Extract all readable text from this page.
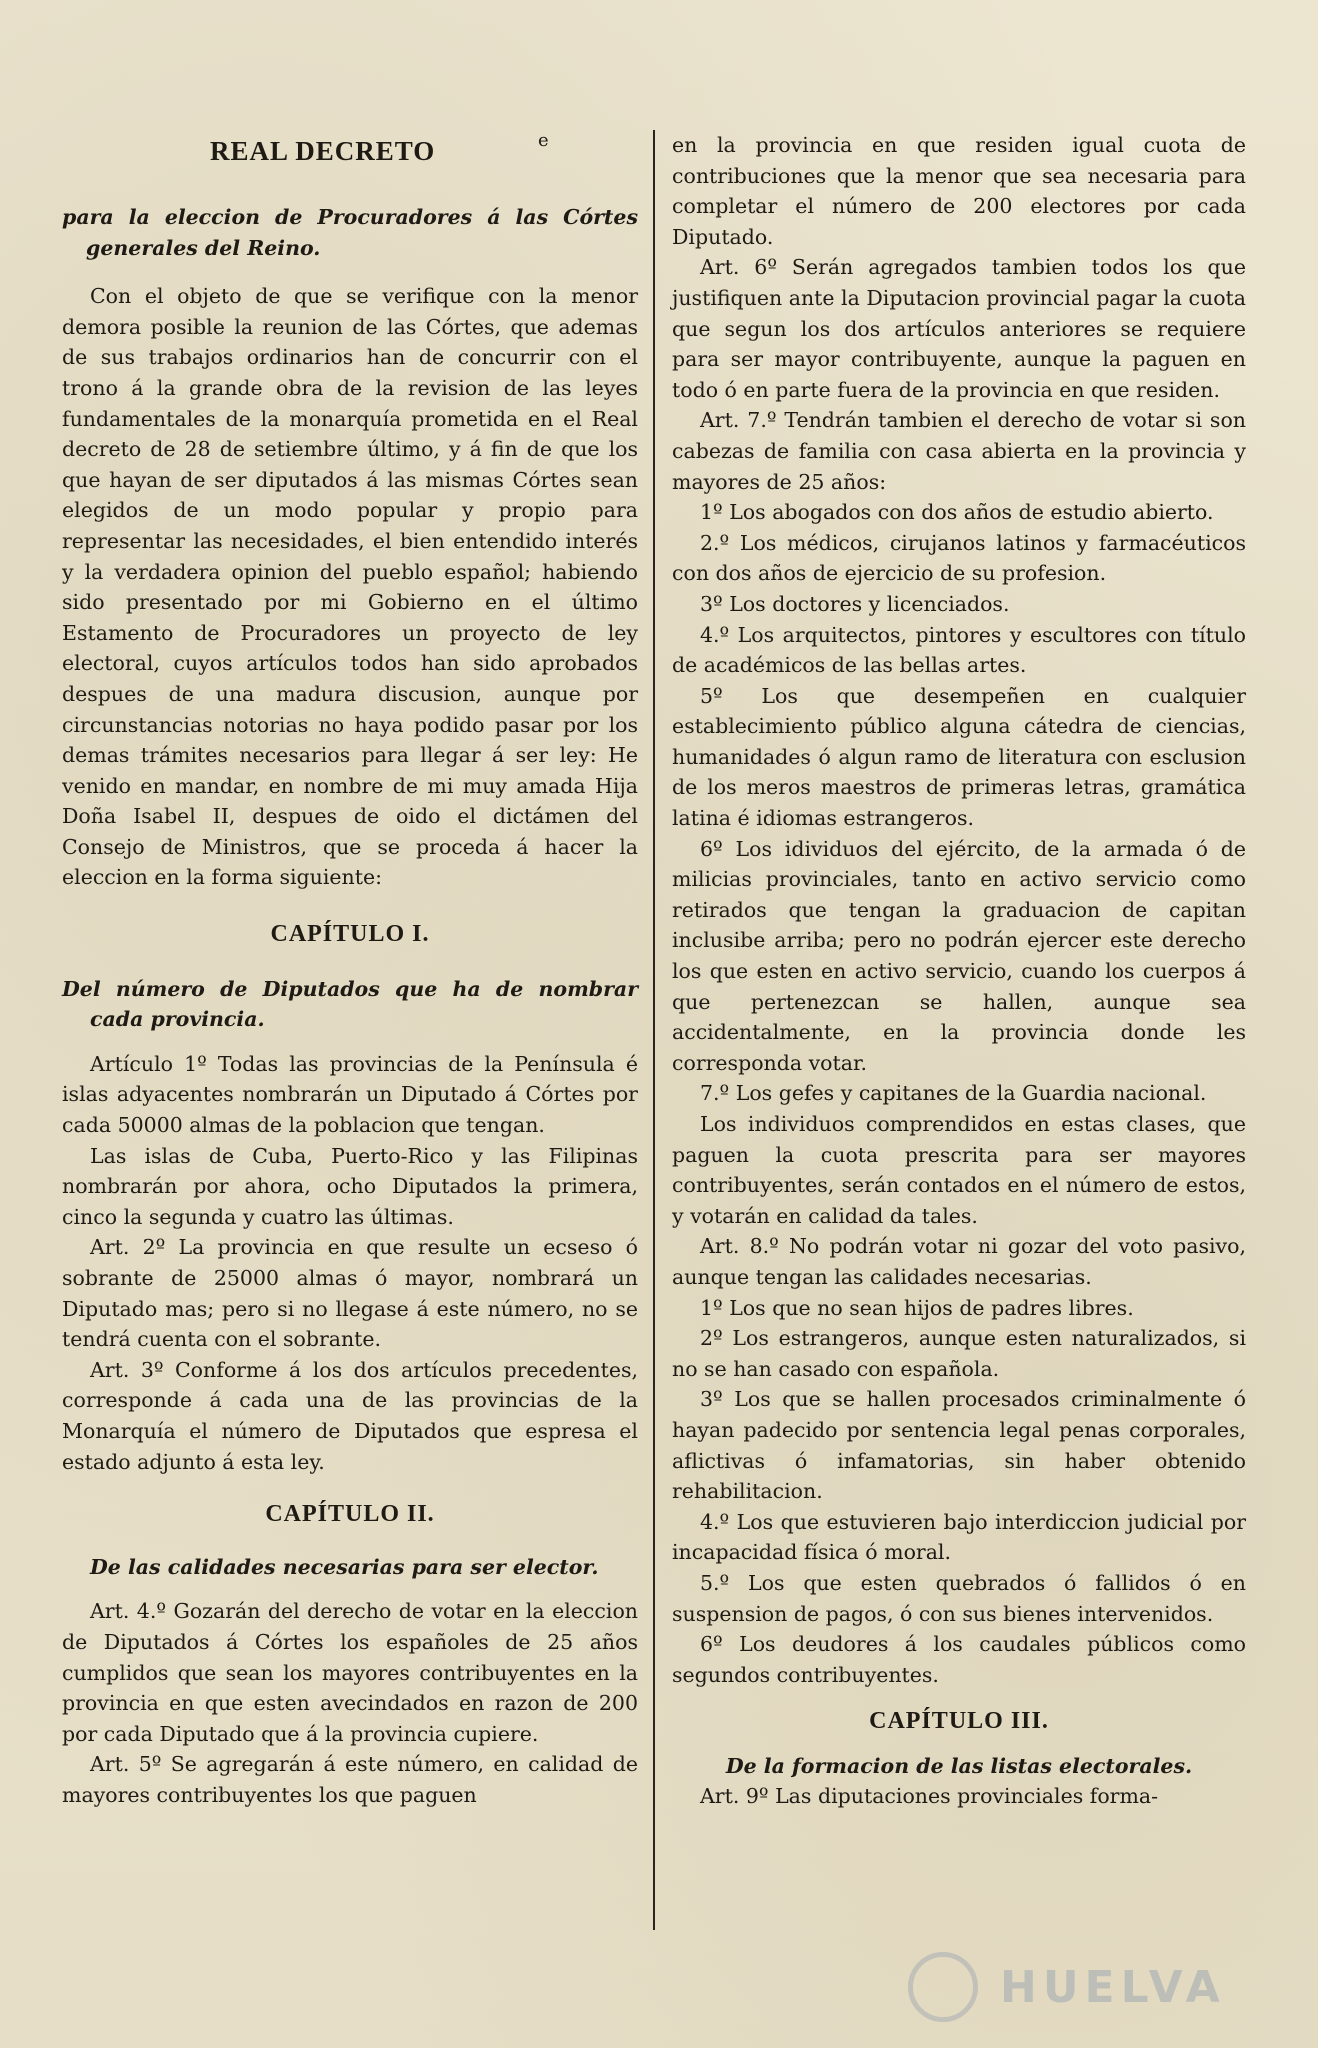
REAL DECRETO	e

para la eleccion de Procuradores á las Córtes generales del Reino.

Con el objeto de que se verifique con la menor demora posible la reunion de las Córtes, que ademas de sus trabajos ordinarios han de concurrir con el trono á la grande obra de la revision de las leyes fundamentales de la monarquía prometida en el Real decreto de 28 de setiembre último, y á fin de que los que hayan de ser diputados á las mismas Córtes sean elegidos de un modo popular y propio para representar las necesidades, el bien entendido interés y la verdadera opinion del pueblo español; habiendo sido presentado por mi Gobierno en el último Estamento de Procuradores un proyecto de ley electoral, cuyos artículos todos han sido aprobados despues de una madura discusion, aunque por circunstancias notorias no haya podido pasar por los demas trámites necesarios para llegar á ser ley: He venido en mandar, en nombre de mi muy amada Hija Doña Isabel II, despues de oido el dictámen del Consejo de Ministros, que se proceda á hacer la eleccion en la forma siguiente:

CAPÍTULO I.

Del número de Diputados que ha de nombrar cada provincia.

Artículo 1º Todas las provincias de la Península é islas adyacentes nombrarán un Diputado á Córtes por cada 50000 almas de la poblacion que tengan.

Las islas de Cuba, Puerto-Rico y las Filipinas nombrarán por ahora, ocho Diputados la primera, cinco la segunda y cuatro las últimas.

Art. 2º La provincia en que resulte un ecseso ó sobrante de 25000 almas ó mayor, nombrará un Diputado mas; pero si no llegase á este número, no se tendrá cuenta con el sobrante.

Art. 3º Conforme á los dos artículos precedentes, corresponde á cada una de las provincias de la Monarquía el número de Diputados que espresa el estado adjunto á esta ley.

CAPÍTULO II.

De las calidades necesarias para ser elector.

Art. 4.º Gozarán del derecho de votar en la eleccion de Diputados á Córtes los españoles de 25 años cumplidos que sean los mayores contribuyentes en la provincia en que esten avecindados en razon de 200 por cada Diputado que á la provincia cupiere.

Art. 5º Se agregarán á este número, en calidad de mayores contribuyentes los que paguen

en la provincia en que residen igual cuota de contribuciones que la menor que sea necesaria para completar el número de 200 electores por cada Diputado.

Art. 6º Serán agregados tambien todos los que justifiquen ante la Diputacion provincial pagar la cuota que segun los dos artículos anteriores se requiere para ser mayor contribuyente, aunque la paguen en todo ó en parte fuera de la provincia en que residen.

Art. 7.º Tendrán tambien el derecho de votar si son cabezas de familia con casa abierta en la provincia y mayores de 25 años:

1º Los abogados con dos años de estudio abierto.

2.º Los médicos, cirujanos latinos y farmacéuticos con dos años de ejercicio de su profesion.

3º Los doctores y licenciados.

4.º Los arquitectos, pintores y escultores con título de académicos de las bellas artes.

5º Los que desempeñen en cualquier establecimiento público alguna cátedra de ciencias, humanidades ó algun ramo de literatura con esclusion de los meros maestros de primeras letras, gramática latina é idiomas estrangeros.

6º Los idividuos del ejército, de la armada ó de milicias provinciales, tanto en activo servicio como retirados que tengan la graduacion de capitan inclusibe arriba; pero no podrán ejercer este derecho los que esten en activo servicio, cuando los cuerpos á que pertenezcan se hallen, aunque sea accidentalmente, en la provincia donde les corresponda votar.

7.º Los gefes y capitanes de la Guardia nacional.

Los individuos comprendidos en estas clases, que paguen la cuota prescrita para ser mayores contribuyentes, serán contados en el número de estos, y votarán en calidad da tales.

Art. 8.º No podrán votar ni gozar del voto pasivo, aunque tengan las calidades necesarias.

1º Los que no sean hijos de padres libres.

2º Los estrangeros, aunque esten naturalizados, si no se han casado con española.

3º Los que se hallen procesados criminalmente ó hayan padecido por sentencia legal penas corporales, aflictivas ó infamatorias, sin haber obtenido rehabilitacion.

4.º Los que estuvieren bajo interdiccion judicial por incapacidad física ó moral.

5.º Los que esten quebrados ó fallidos ó en suspension de pagos, ó con sus bienes intervenidos.

6º Los deudores á los caudales públicos como segundos contribuyentes.

CAPÍTULO III.

De la formacion de las listas electorales.

Art. 9º Las diputaciones provinciales forma-

HUELVA
